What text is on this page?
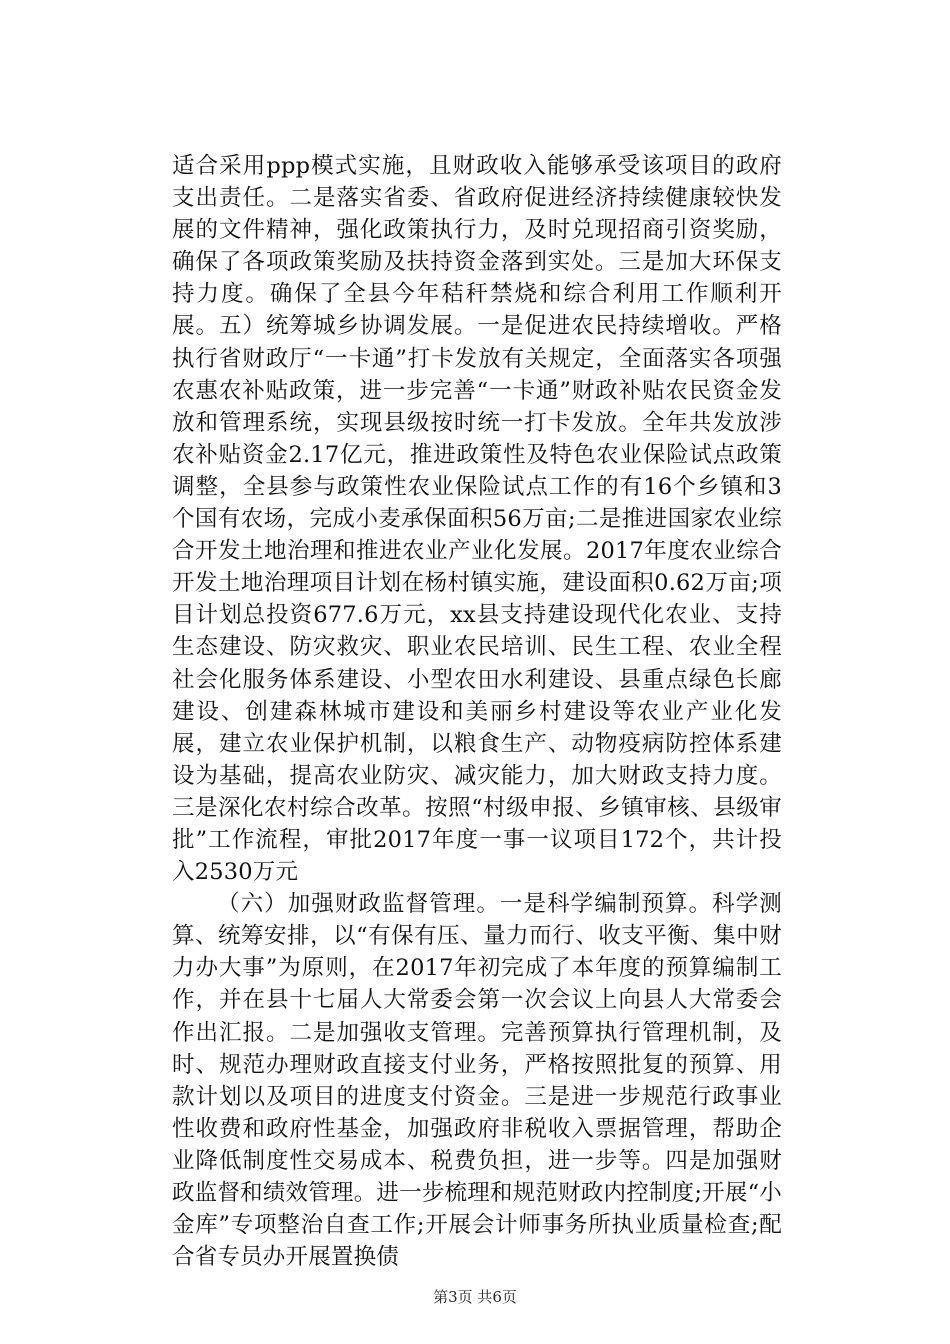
适合采用ppp模式实施，且财政收入能够承受该项目的政府支出责任。二是落实省委、省政府促进经济持续健康较快发展的文件精神，强化政策执行力，及时兑现招商引资奖励，确保了各项政策奖励及扶持资金落到实处。三是加大环保支持力度。确保了全县今年秸秆禁烧和综合利用工作顺利开展。五）统筹城乡协调发展。一是促进农民持续增收。严格执行省财政厅“一卡通”打卡发放有关规定，全面落实各项强农惠农补贴政策，进一步完善“一卡通”财政补贴农民资金发放和管理系统，实现县级按时统一打卡发放。全年共发放涉农补贴资金2.17亿元，推进政策性及特色农业保险试点政策调整，全县参与政策性农业保险试点工作的有16个乡镇和3个国有农场，完成小麦承保面积56万亩;二是推进国家农业综合开发土地治理和推进农业产业化发展。2017年度农业综合开发土地治理项目计划在杨村镇实施，建设面积0.62万亩;项目计划总投资677.6万元，xx县支持建设现代化农业、支持生态建设、防灾救灾、职业农民培训、民生工程、农业全程社会化服务体系建设、小型农田水利建设、县重点绿色长廊建设、创建森林城市建设和美丽乡村建设等农业产业化发展，建立农业保护机制，以粮食生产、动物疫病防控体系建设为基础，提高农业防灾、减灾能力，加大财政支持力度。三是深化农村综合改革。按照“村级申报、乡镇审核、县级审批”工作流程，审批2017年度一事一议项目172个，共计投入2530万元

（六）加强财政监督管理。一是科学编制预算。科学测算、统筹安排，以“有保有压、量力而行、收支平衡、集中财力办大事”为原则，在2017年初完成了本年度的预算编制工作，并在县十七届人大常委会第一次会议上向县人大常委会作出汇报。二是加强收支管理。完善预算执行管理机制，及时、规范办理财政直接支付业务，严格按照批复的预算、用款计划以及项目的进度支付资金。三是进一步规范行政事业性收费和政府性基金，加强政府非税收入票据管理，帮助企业降低制度性交易成本、税费负担，进一步等。四是加强财政监督和绩效管理。进一步梳理和规范财政内控制度;开展“小金库”专项整治自查工作;开展会计师事务所执业质量检查;配合省专员办开展置换债

第3页 共6页
